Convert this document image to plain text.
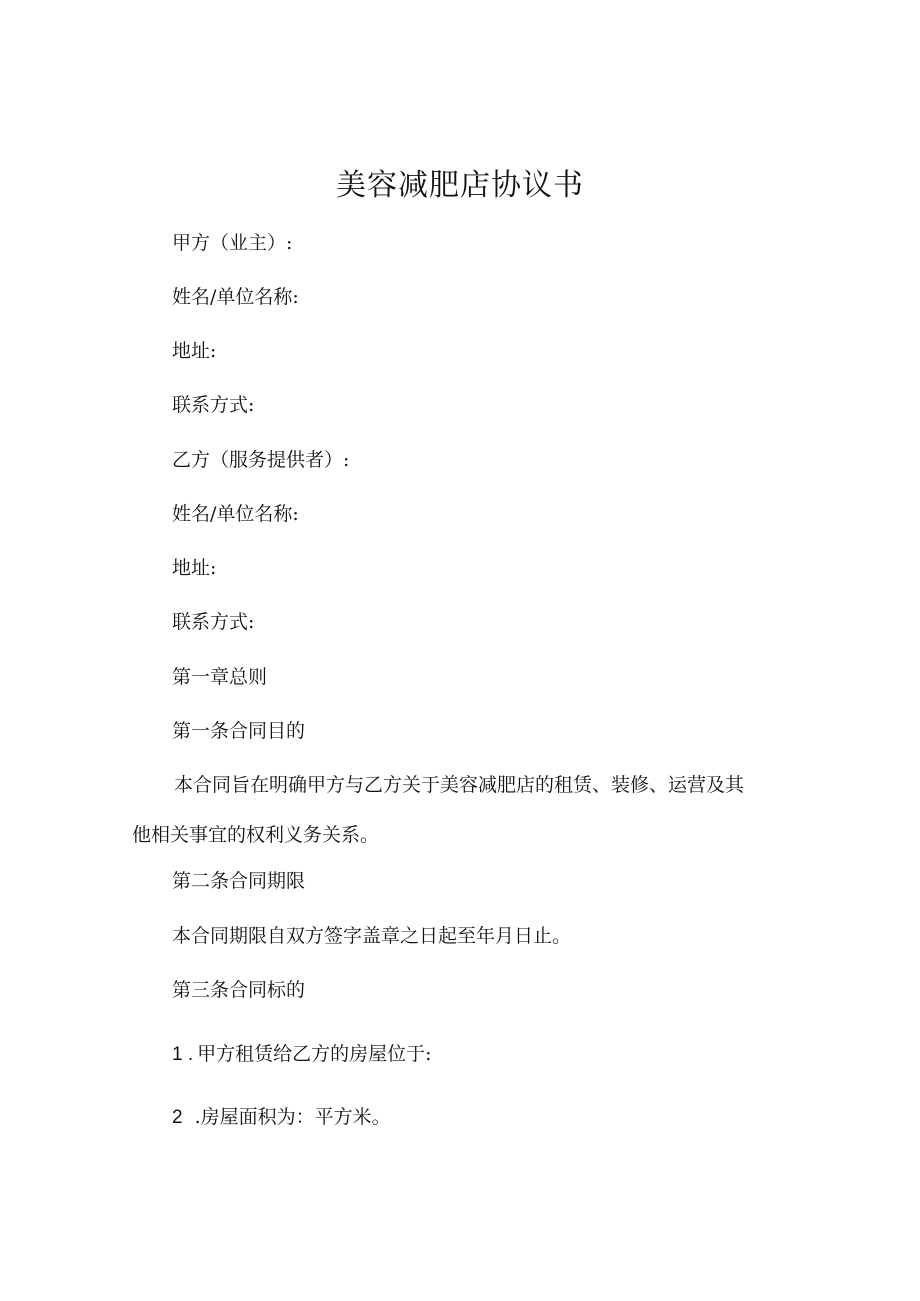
美容减肥店协议书
甲方（业主）:
姓名/单位名称:
地址:
联系方式:
乙方（服务提供者）:
姓名/单位名称:
地址:
联系方式:
第一章总则
第一条合同目的
本合同旨在明确甲方与乙方关于美容减肥店的租赁、装修、运营及其
他相关事宜的权利义务关系。
第二条合同期限
本合同期限自双方签字盖章之日起至年月日止。
第三条合同标的
1 . 甲方租赁给乙方的房屋位于:
2 .房屋面积为：平方米。
